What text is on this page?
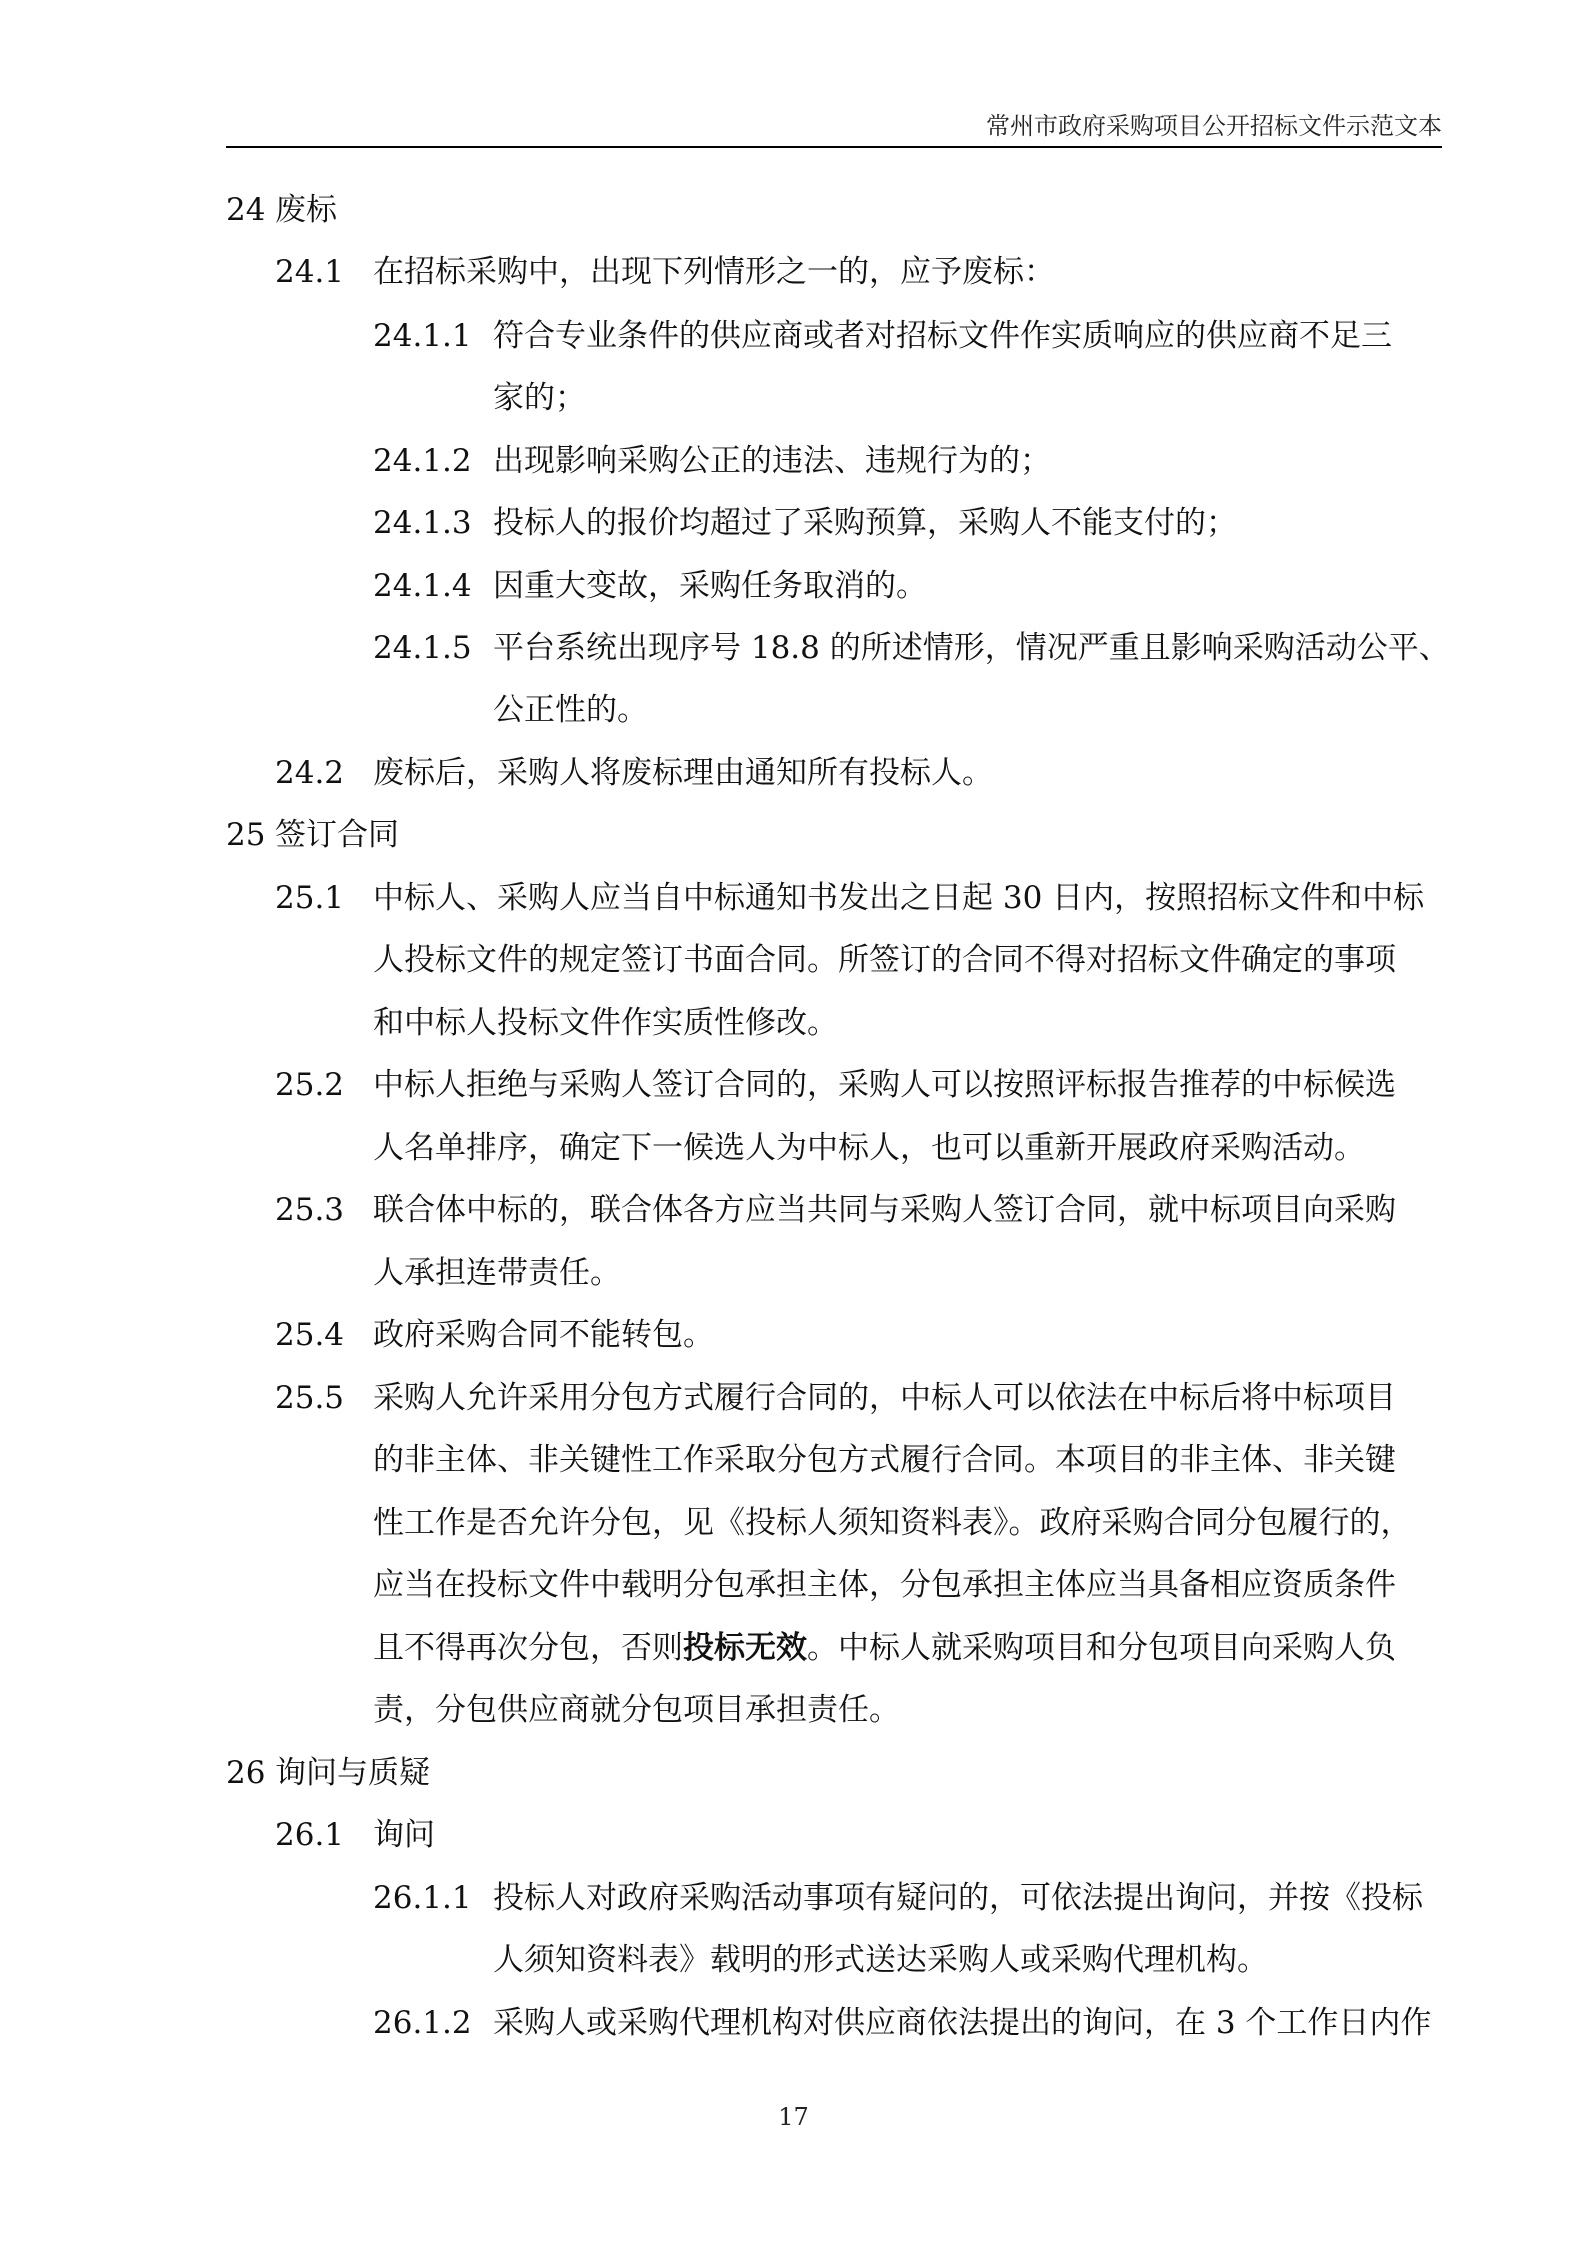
常州市政府采购项目公开招标文件示范文本
24 废标
24.1 在招标采购中，出现下列情形之一的，应予废标：
24.1.1 符合专业条件的供应商或者对招标文件作实质响应的供应商不足三
家的；
24.1.2 出现影响采购公正的违法、违规行为的；
24.1.3 投标人的报价均超过了采购预算，采购人不能支付的；
24.1.4 因重大变故，采购任务取消的。
24.1.5 平台系统出现序号 18.8 的所述情形，情况严重且影响采购活动公平、
公正性的。
24.2 废标后，采购人将废标理由通知所有投标人。
25 签订合同
25.1 中标人、采购人应当自中标通知书发出之日起 30 日内，按照招标文件和中标
人投标文件的规定签订书面合同。所签订的合同不得对招标文件确定的事项
和中标人投标文件作实质性修改。
25.2 中标人拒绝与采购人签订合同的，采购人可以按照评标报告推荐的中标候选
人名单排序，确定下一候选人为中标人，也可以重新开展政府采购活动。
25.3 联合体中标的，联合体各方应当共同与采购人签订合同，就中标项目向采购
人承担连带责任。
25.4 政府采购合同不能转包。
25.5 采购人允许采用分包方式履行合同的，中标人可以依法在中标后将中标项目
的非主体、非关键性工作采取分包方式履行合同。本项目的非主体、非关键
性工作是否允许分包，见《投标人须知资料表》。政府采购合同分包履行的，
应当在投标文件中载明分包承担主体，分包承担主体应当具备相应资质条件
且不得再次分包，否则投标无效。中标人就采购项目和分包项目向采购人负
责，分包供应商就分包项目承担责任。
26 询问与质疑
26.1 询问
26.1.1 投标人对政府采购活动事项有疑问的，可依法提出询问，并按《投标
人须知资料表》载明的形式送达采购人或采购代理机构。
26.1.2 采购人或采购代理机构对供应商依法提出的询问，在 3 个工作日内作
17
